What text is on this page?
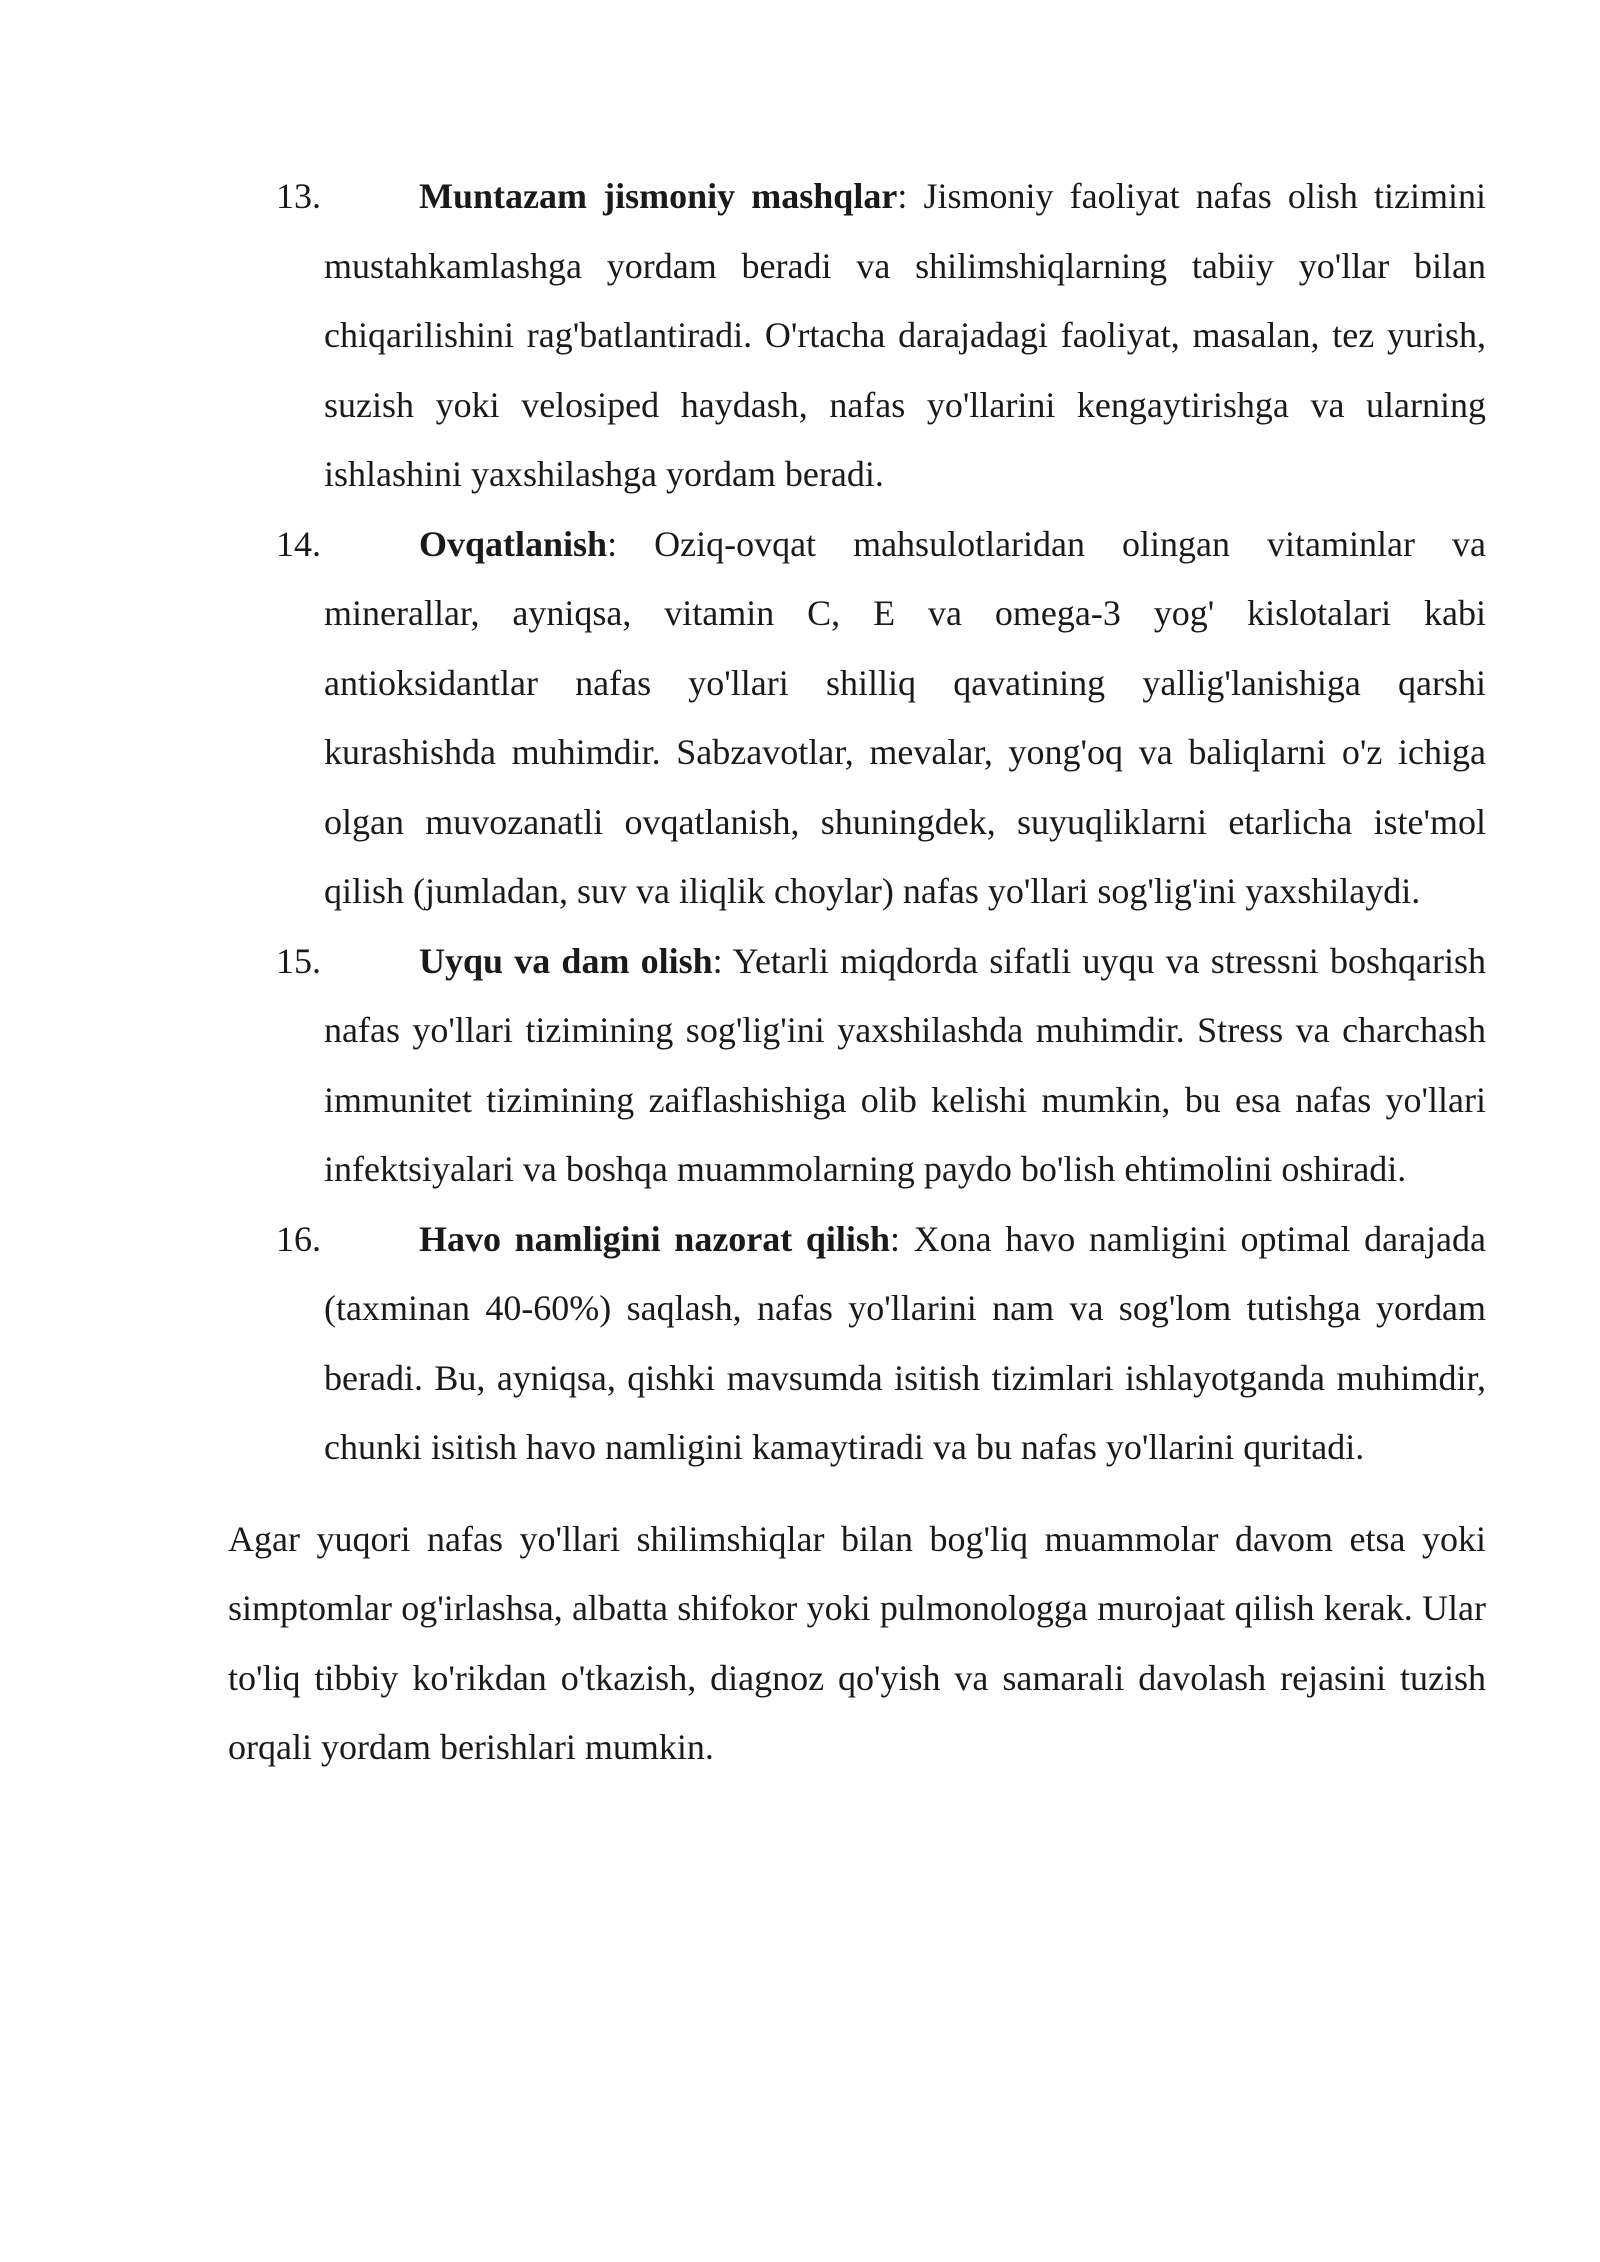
13.	Muntazam jismoniy mashqlar: Jismoniy faoliyat nafas olish tizimini mustahkamlashga yordam beradi va shilimshiqlarning tabiiy yo'llar bilan chiqarilishini rag'batlantiradi. O'rtacha darajadagi faoliyat, masalan, tez yurish, suzish yoki velosiped haydash, nafas yo'llarini kengaytirishga va ularning ishlashini yaxshilashga yordam beradi.
14.	Ovqatlanish: Oziq-ovqat mahsulotlaridan olingan vitaminlar va minerallar, ayniqsa, vitamin C, E va omega-3 yog' kislotalari kabi antioksidantlar nafas yo'llari shilliq qavatining yallig'lanishiga qarshi kurashishda muhimdir. Sabzavotlar, mevalar, yong'oq va baliqlarni o'z ichiga olgan muvozanatli ovqatlanish, shuningdek, suyuqliklarni etarlicha iste'mol qilish (jumladan, suv va iliqlik choylar) nafas yo'llari sog'lig'ini yaxshilaydi.
15.	Uyqu va dam olish: Yetarli miqdorda sifatli uyqu va stressni boshqarish nafas yo'llari tizimining sog'lig'ini yaxshilashda muhimdir. Stress va charchash immunitet tizimining zaiflashishiga olib kelishi mumkin, bu esa nafas yo'llari infektsiyalari va boshqa muammolarning paydo bo'lish ehtimolini oshiradi.
16.	Havo namligini nazorat qilish: Xona havo namligini optimal darajada (taxminan 40-60%) saqlash, nafas yo'llarini nam va sog'lom tutishga yordam beradi. Bu, ayniqsa, qishki mavsumda isitish tizimlari ishlayotganda muhimdir, chunki isitish havo namligini kamaytiradi va bu nafas yo'llarini quritadi.

Agar yuqori nafas yo'llari shilimshiqlar bilan bog'liq muammolar davom etsa yoki simptomlar og'irlashsa, albatta shifokor yoki pulmonologga murojaat qilish kerak. Ular to'liq tibbiy ko'rikdan o'tkazish, diagnoz qo'yish va samarali davolash rejasini tuzish orqali yordam berishlari mumkin.
